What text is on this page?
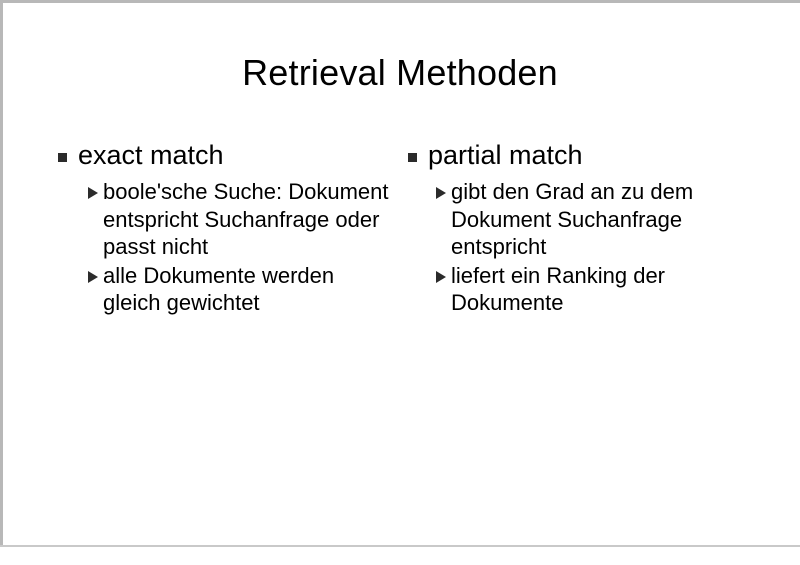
Retrieval Methoden
exact match
boole'sche Suche: Dokument entspricht Suchanfrage oder passt nicht
alle Dokumente werden gleich gewichtet
partial match
gibt den Grad an zu dem Dokument Suchanfrage entspricht
liefert ein Ranking der Dokumente
